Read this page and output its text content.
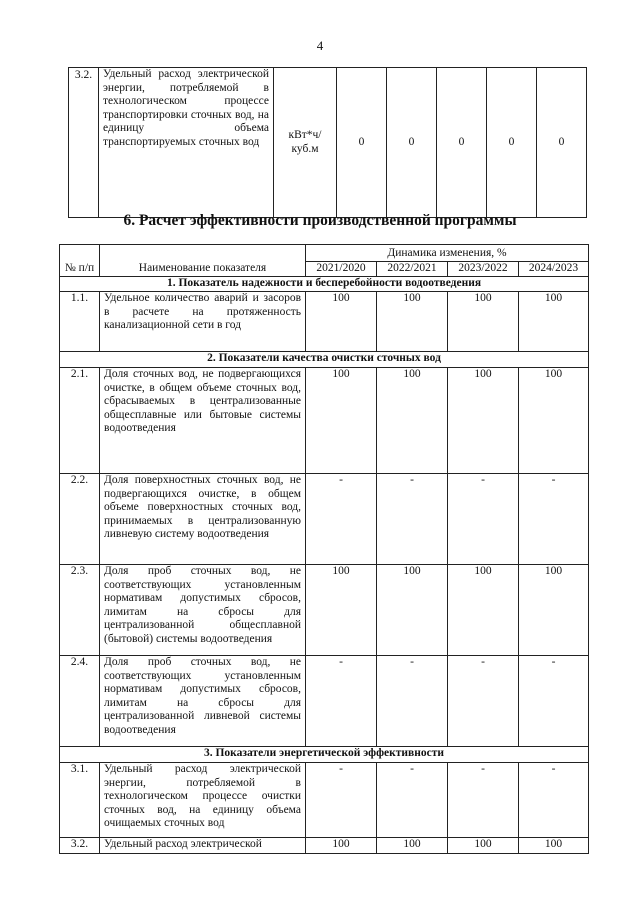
4
3.2.	Удельный расход электрической энергии, потребляемой в технологическом процессе транспортировки сточных вод, на единицу объема транспортируемых сточных вод	кВт*ч/ куб.м	0	0	0	0	0
6. Расчет эффективности производственной программы
№ п/п	Наименование показателя	Динамика изменения, %			
		2021/2020	2022/2021	2023/2022	2024/2023
1. Показатель надежности и бесперебойности водоотведения					
1.1.	Удельное количество аварий и засоров в расчете на протяженность канализационной сети в год	100	100	100	100
2. Показатели качества очистки сточных вод					
2.1.	Доля сточных вод, не подвергающихся очистке, в общем объеме сточных вод, сбрасываемых в централизованные общесплавные или бытовые системы водоотведения	100	100	100	100
2.2.	Доля поверхностных сточных вод, не подвергающихся очистке, в общем объеме поверхностных сточных вод, принимаемых в централизованную ливневую систему водоотведения	-	-	-	-
2.3.	Доля проб сточных вод, не соответствующих установленным нормативам допустимых сбросов, лимитам на сбросы для централизованной общесплавной (бытовой) системы водоотведения	100	100	100	100
2.4.	Доля проб сточных вод, не соответствующих установленным нормативам допустимых сбросов, лимитам на сбросы для централизованной ливневой системы водоотведения	-	-	-	-
3. Показатели энергетической эффективности					
3.1.	Удельный расход электрической энергии, потребляемой в технологическом процессе очистки сточных вод, на единицу объема очищаемых сточных вод	-	-	-	-
3.2.	Удельный расход электрической	100	100	100	100
